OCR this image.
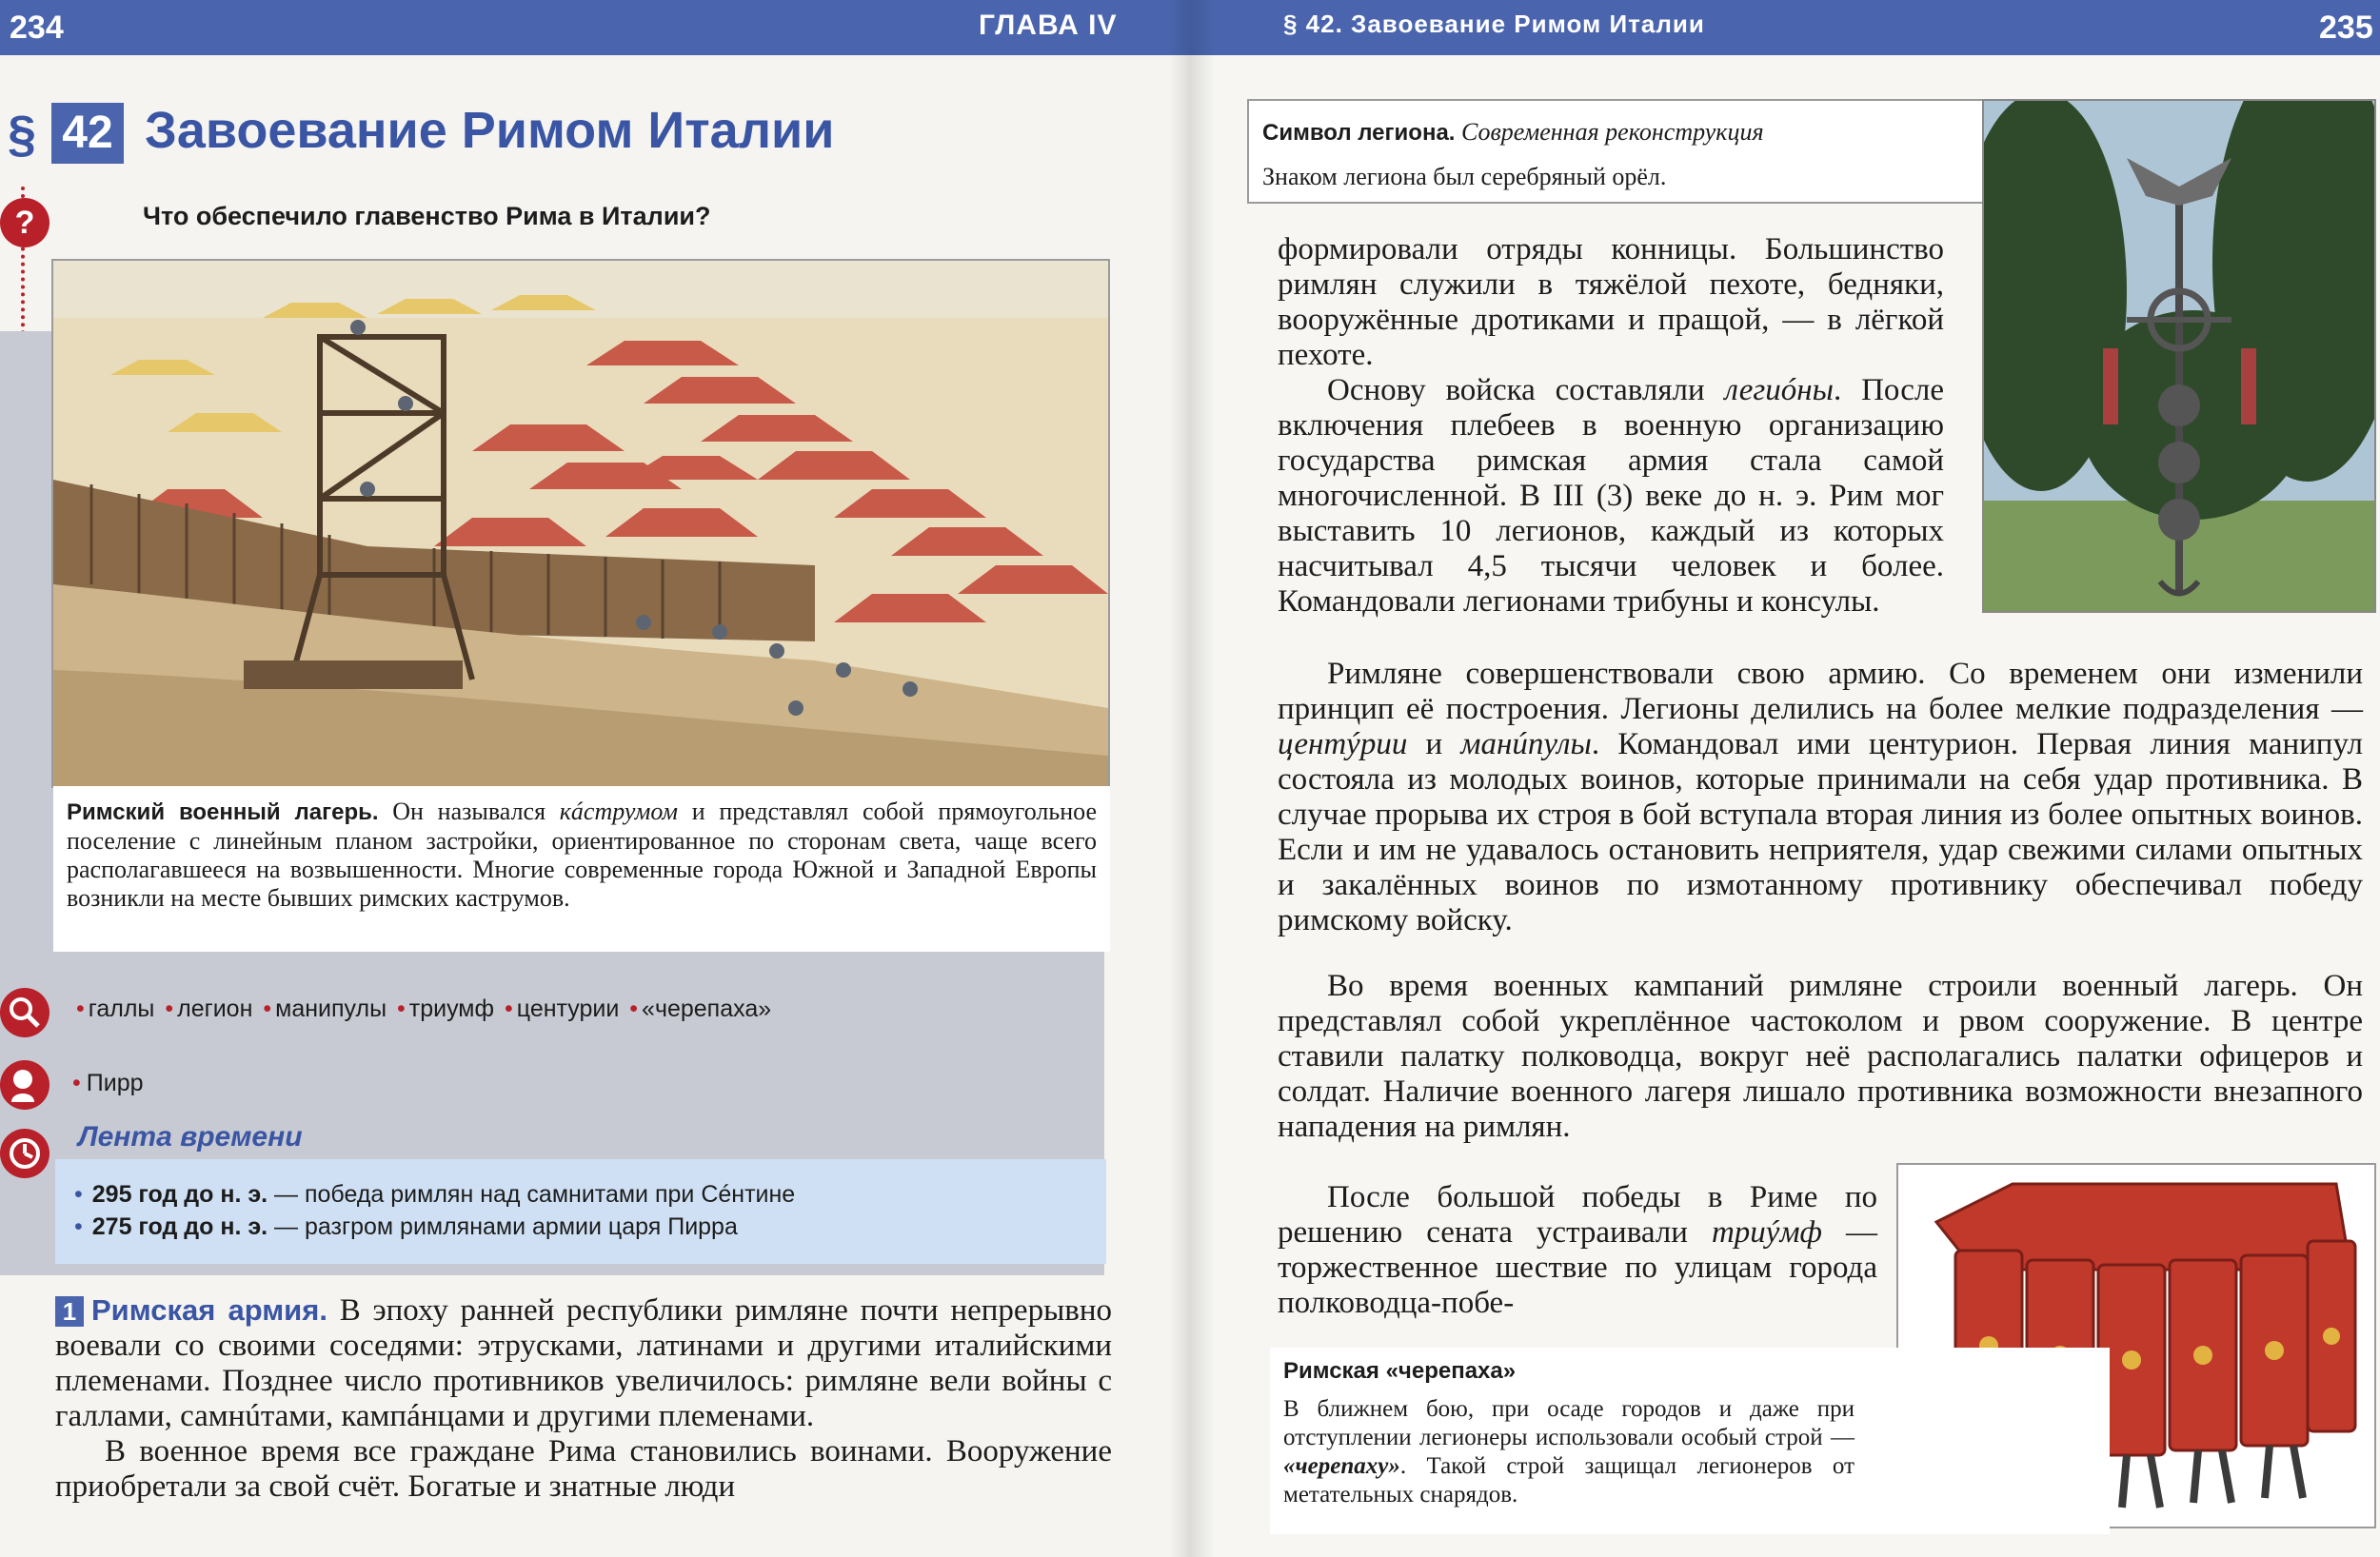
234	ГЛАВА IV
§ 42 Завоевание Римом Италии
?	Что обеспечило главенство Рима в Италии?
Римский военный лагерь. Он назывался кáструмом и представлял собой прямоугольное поселение с линейным планом застройки, ориентированное по сторонам света, чаще всего располагавшееся на возвышенности. Многие современные города Южной и Западной Европы возникли на месте бывших римских каструмов.
• галлы • легион • манипулы • триумф • центурии • «черепаха»
• Пирр
Лента времени
• 295 год до н. э. — победа римлян над самнитами при Сéнтине
• 275 год до н. э. — разгром римлянами армии царя Пирра
1 Римская армия. В эпоху ранней республики римляне почти непрерывно воевали со своими соседями: этрусками, латинами и другими италийскими племенами. Позднее число противников увеличилось: римляне вели войны с галлами, самнúтами, кампáнцами и другими племенами.
В военное время все граждане Рима становились воинами. Вооружение приобретали за свой счёт. Богатые и знатные люди
§ 42. Завоевание Римом Италии	235
Символ легиона. Современная реконструкция
Знаком легиона был серебряный орёл.
формировали отряды конницы. Большинство римлян служили в тяжёлой пехоте, бедняки, вооружённые дротиками и пращой, — в лёгкой пехоте.
Основу войска составляли легиóны. После включения плебеев в военную организацию государства римская армия стала самой многочисленной. В III (3) веке до н. э. Рим мог выставить 10 легионов, каждый из которых насчитывал 4,5 тысячи человек и более. Командовали легионами трибуны и консулы.
Римляне совершенствовали свою армию. Со временем они изменили принцип её построения. Легионы делились на более мелкие подразделения — центýрии и манúпулы. Командовал ими центурион. Первая линия манипул состояла из молодых воинов, которые принимали на себя удар противника. В случае прорыва их строя в бой вступала вторая линия из более опытных воинов. Если и им не удавалось остановить неприятеля, удар свежими силами опытных и закалённых воинов по измотанному противнику обеспечивал победу римскому войску.
Во время военных кампаний римляне строили военный лагерь. Он представлял собой укреплённое частоколом и рвом сооружение. В центре ставили палатку полководца, вокруг неё располагались палатки офицеров и солдат. Наличие военного лагеря лишало противника возможности внезапного нападения на римлян.
После большой победы в Риме по решению сената устраивали триýмф — торжественное шествие по улицам города полководца-побе-
Римская «черепаха»
В ближнем бою, при осаде городов и даже при отступлении легионеры использовали особый строй — «черепаху». Такой строй защищал легионеров от метательных снарядов.
